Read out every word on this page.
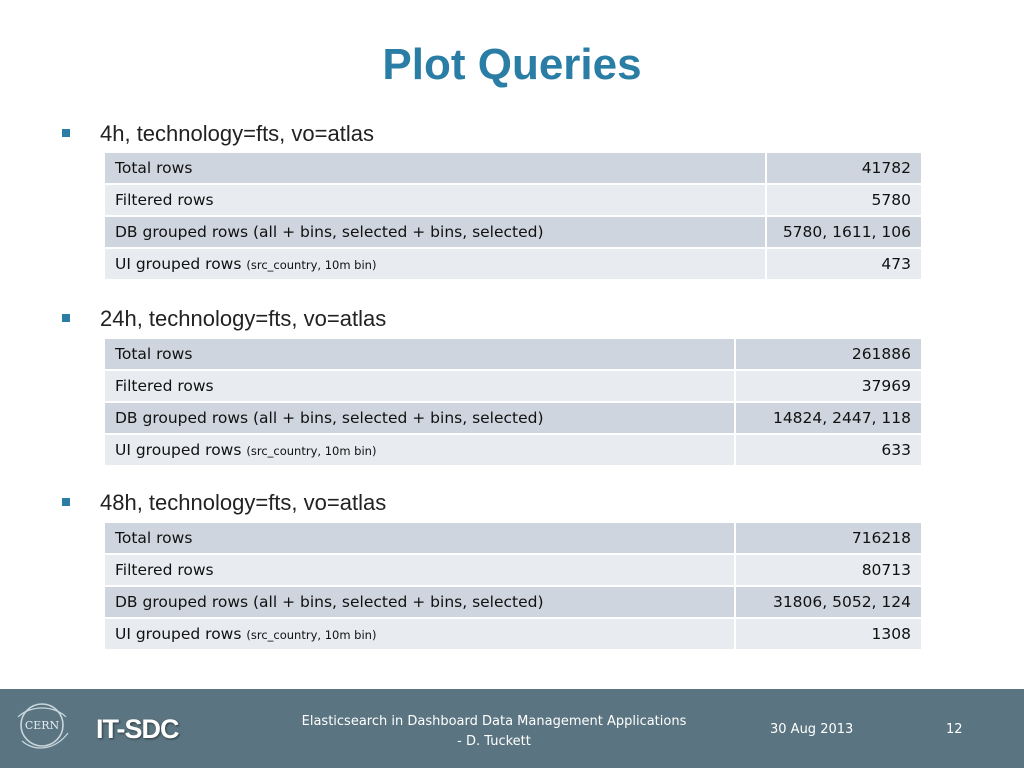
Plot Queries
4h, technology=fts, vo=atlas
Total rows	41782
Filtered rows	5780
DB grouped rows (all + bins, selected + bins, selected)	5780, 1611, 106
UI grouped rows (src_country, 10m bin)	473
24h, technology=fts, vo=atlas
Total rows	261886
Filtered rows	37969
DB grouped rows (all + bins, selected + bins, selected)	14824, 2447, 118
UI grouped rows (src_country, 10m bin)	633
48h, technology=fts, vo=atlas
Total rows	716218
Filtered rows	80713
DB grouped rows (all + bins, selected + bins, selected)	31806, 5052, 124
UI grouped rows (src_country, 10m bin)	1308
CERN IT-SDC	Elasticsearch in Dashboard Data Management Applications
- D. Tuckett
30 Aug 2013	12
